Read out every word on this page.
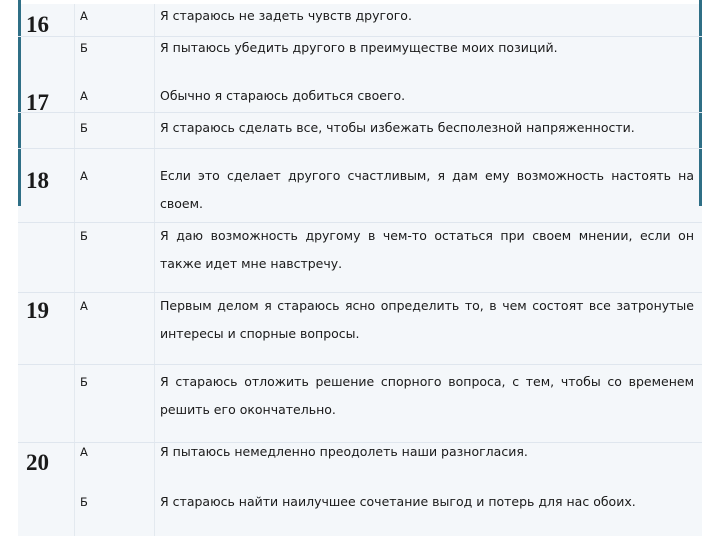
16	А	Я стараюсь не задеть чувств другого.
Б	Я пытаюсь убедить другого в преимуществе моих позиций.
17	А	Обычно я стараюсь добиться своего.
Б	Я стараюсь сделать все, чтобы избежать бесполезной напряженности.
18	А	Если это сделает другого счастливым, я дам ему возможность настоять на своем.
Б	Я даю возможность другому в чем-то остаться при своем мнении, если он также идет мне навстречу.
19	А	Первым делом я стараюсь ясно определить то, в чем состоят все затронутые интересы и спорные вопросы.
Б	Я стараюсь отложить решение спорного вопроса, с тем, чтобы со временем решить его окончательно.
20	А	Я пытаюсь немедленно преодолеть наши разногласия.
Б	Я стараюсь найти наилучшее сочетание выгод и потерь для нас обоих.
